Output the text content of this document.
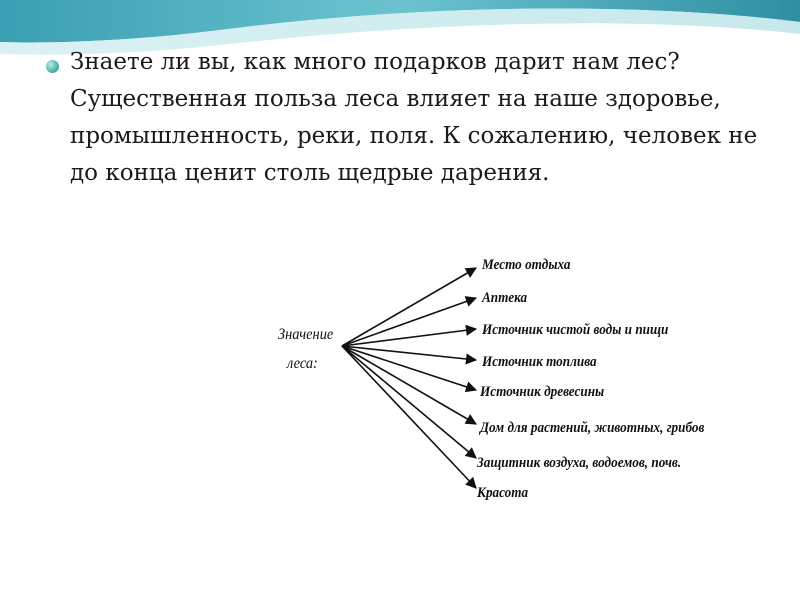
Знаете ли вы, как много подарков дарит нам лес? Существенная польза леса влияет на наше здоровье, промышленность, реки, поля. К сожалению, человек не до конца ценит столь щедрые дарения.

Значение
леса:
Место отдыха
Аптека
Источник чистой воды и пищи
Источник топлива
Источник древесины
Дом для растений, животных, грибов
Защитник воздуха, водоемов, почв.
Красота
